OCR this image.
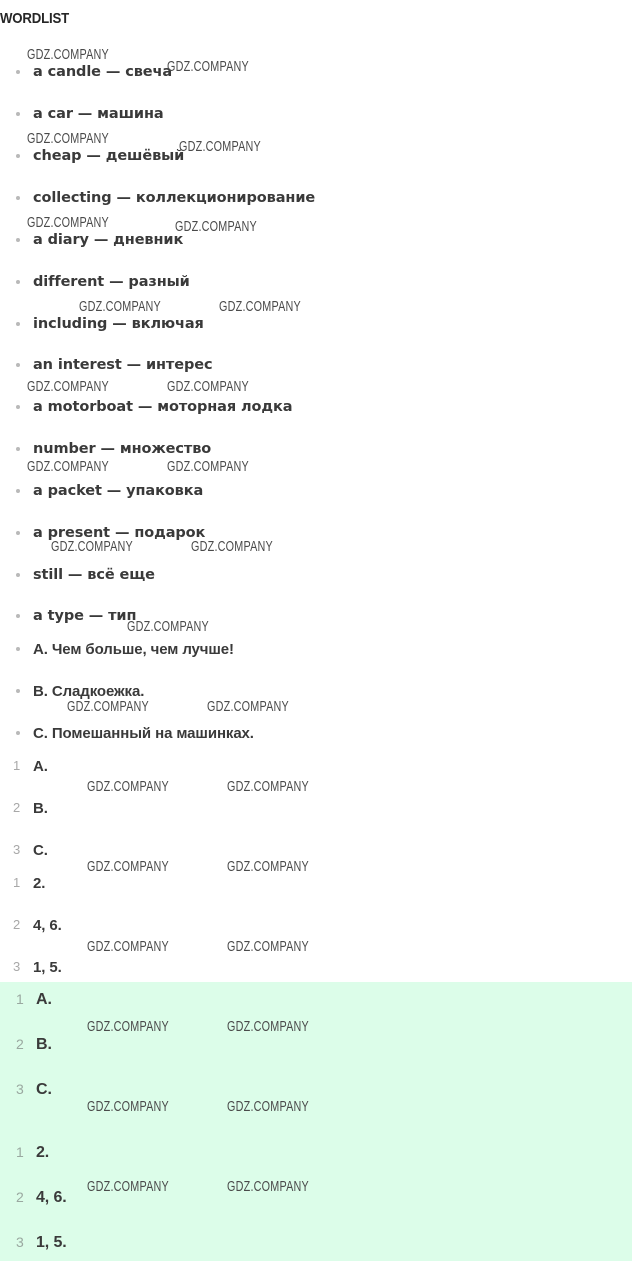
WORDLIST
a candle — свеча
a car — машина
cheap — дешёвый
collecting — коллекционирование
a diary — дневник
different — разный
including — включая
an interest — интерес
a motorboat — моторная лодка
number — множество
a packet — упаковка
a present — подарок
still — всё еще
a type — тип
A. Чем больше, чем лучше!
B. Сладкоежка.
C. Помешанный на машинках.
1 A.
2 B.
3 C.
1 2.
2 4, 6.
3 1, 5.
1 A.
2 B.
3 C.
1 2.
2 4, 6.
3 1, 5.
GDZ.COMPANY
GDZ.COMPANY
GDZ.COMPANY	GDZ.COMPANY
GDZ.COMPANY	GDZ.COMPANY
GDZ.COMPANY	GDZ.COMPANY
GDZ.COMPANY	GDZ.COMPANY
GDZ.COMPANY	GDZ.COMPANY
GDZ.COMPANY	GDZ.COMPANY
GDZ.COMPANY
GDZ.COMPANY	GDZ.COMPANY
GDZ.COMPANY	GDZ.COMPANY
GDZ.COMPANY	GDZ.COMPANY
GDZ.COMPANY	GDZ.COMPANY
GDZ.COMPANY	GDZ.COMPANY
GDZ.COMPANY	GDZ.COMPANY
GDZ.COMPANY	GDZ.COMPANY
